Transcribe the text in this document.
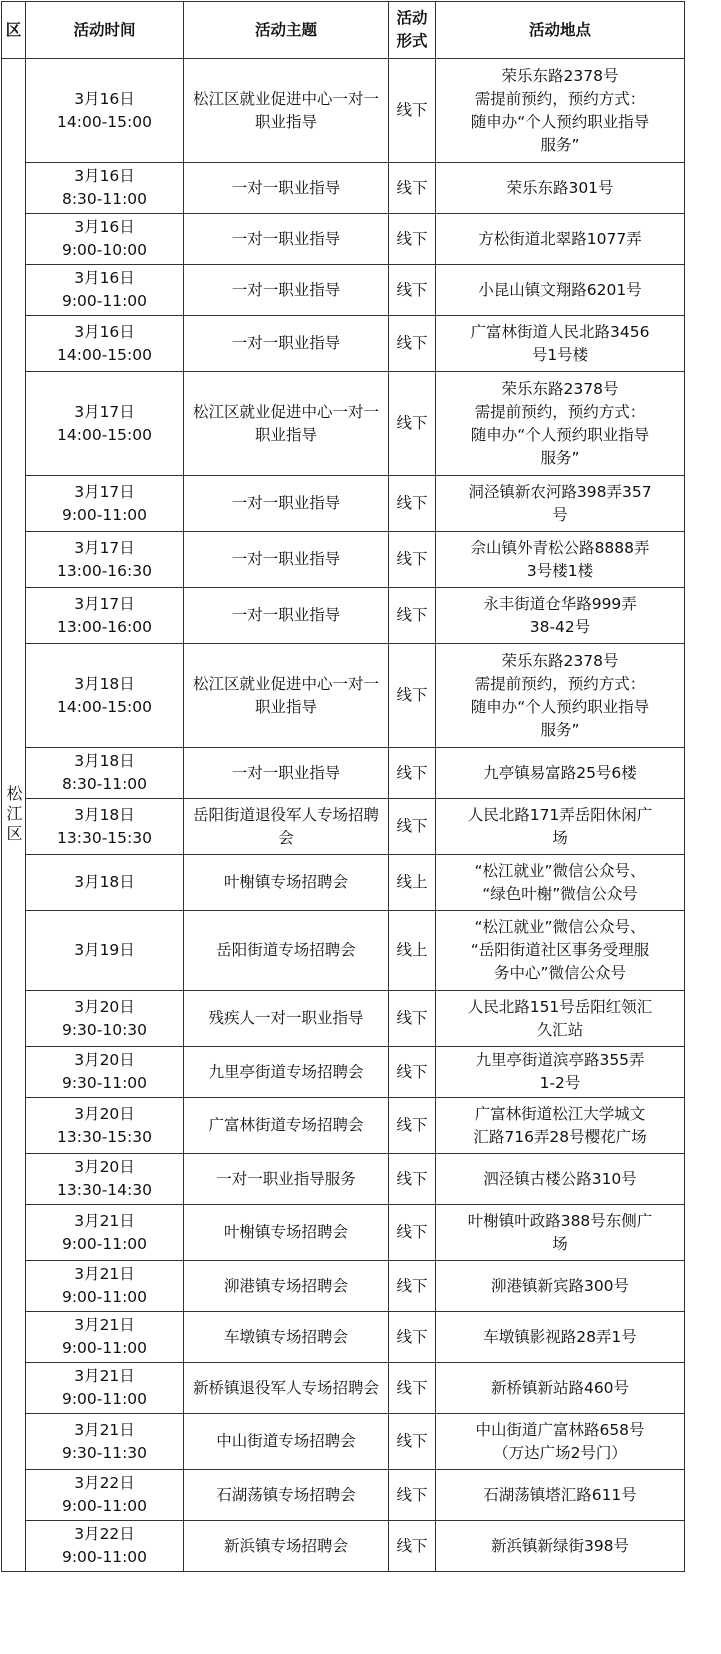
区	活动时间	活动主题	活动
形式	活动地点
松江区	3月16日
14:00-15:00	松江区就业促进中心一对一职业指导	线下	荣乐东路2378号
需提前预约，预约方式：
随申办“个人预约职业指导
服务”
	3月16日
8:30-11:00	一对一职业指导	线下	荣乐东路301号
	3月16日
9:00-10:00	一对一职业指导	线下	方松街道北翠路1077弄
	3月16日
9:00-11:00	一对一职业指导	线下	小昆山镇文翔路6201号
	3月16日
14:00-15:00	一对一职业指导	线下	广富林街道人民北路3456
号1号楼
	3月17日
14:00-15:00	松江区就业促进中心一对一职业指导	线下	荣乐东路2378号
需提前预约，预约方式：
随申办“个人预约职业指导
服务”
	3月17日
9:00-11:00	一对一职业指导	线下	洞泾镇新农河路398弄357
号
	3月17日
13:00-16:30	一对一职业指导	线下	佘山镇外青松公路8888弄
3号楼1楼
	3月17日
13:00-16:00	一对一职业指导	线下	永丰街道仓华路999弄
38-42号
	3月18日
14:00-15:00	松江区就业促进中心一对一职业指导	线下	荣乐东路2378号
需提前预约，预约方式：
随申办“个人预约职业指导
服务”
	3月18日
8:30-11:00	一对一职业指导	线下	九亭镇易富路25号6楼
	3月18日
13:30-15:30	岳阳街道退役军人专场招聘会	线下	人民北路171弄岳阳休闲广
场
	3月18日	叶榭镇专场招聘会	线上	“松江就业”微信公众号、
“绿色叶榭”微信公众号
	3月19日	岳阳街道专场招聘会	线上	“松江就业”微信公众号、
“岳阳街道社区事务受理服
务中心”微信公众号
	3月20日
9:30-10:30	残疾人一对一职业指导	线下	人民北路151号岳阳红领汇
久汇站
	3月20日
9:30-11:00	九里亭街道专场招聘会	线下	九里亭街道滨亭路355弄
1-2号
	3月20日
13:30-15:30	广富林街道专场招聘会	线下	广富林街道松江大学城文
汇路716弄28号樱花广场
	3月20日
13:30-14:30	一对一职业指导服务	线下	泗泾镇古楼公路310号
	3月21日
9:00-11:00	叶榭镇专场招聘会	线下	叶榭镇叶政路388号东侧广
场
	3月21日
9:00-11:00	泖港镇专场招聘会	线下	泖港镇新宾路300号
	3月21日
9:00-11:00	车墩镇专场招聘会	线下	车墩镇影视路28弄1号
	3月21日
9:00-11:00	新桥镇退役军人专场招聘会	线下	新桥镇新站路460号
	3月21日
9:30-11:30	中山街道专场招聘会	线下	中山街道广富林路658号
（万达广场2号门）
	3月22日
9:00-11:00	石湖荡镇专场招聘会	线下	石湖荡镇塔汇路611号
	3月22日
9:00-11:00	新浜镇专场招聘会	线下	新浜镇新绿街398号
